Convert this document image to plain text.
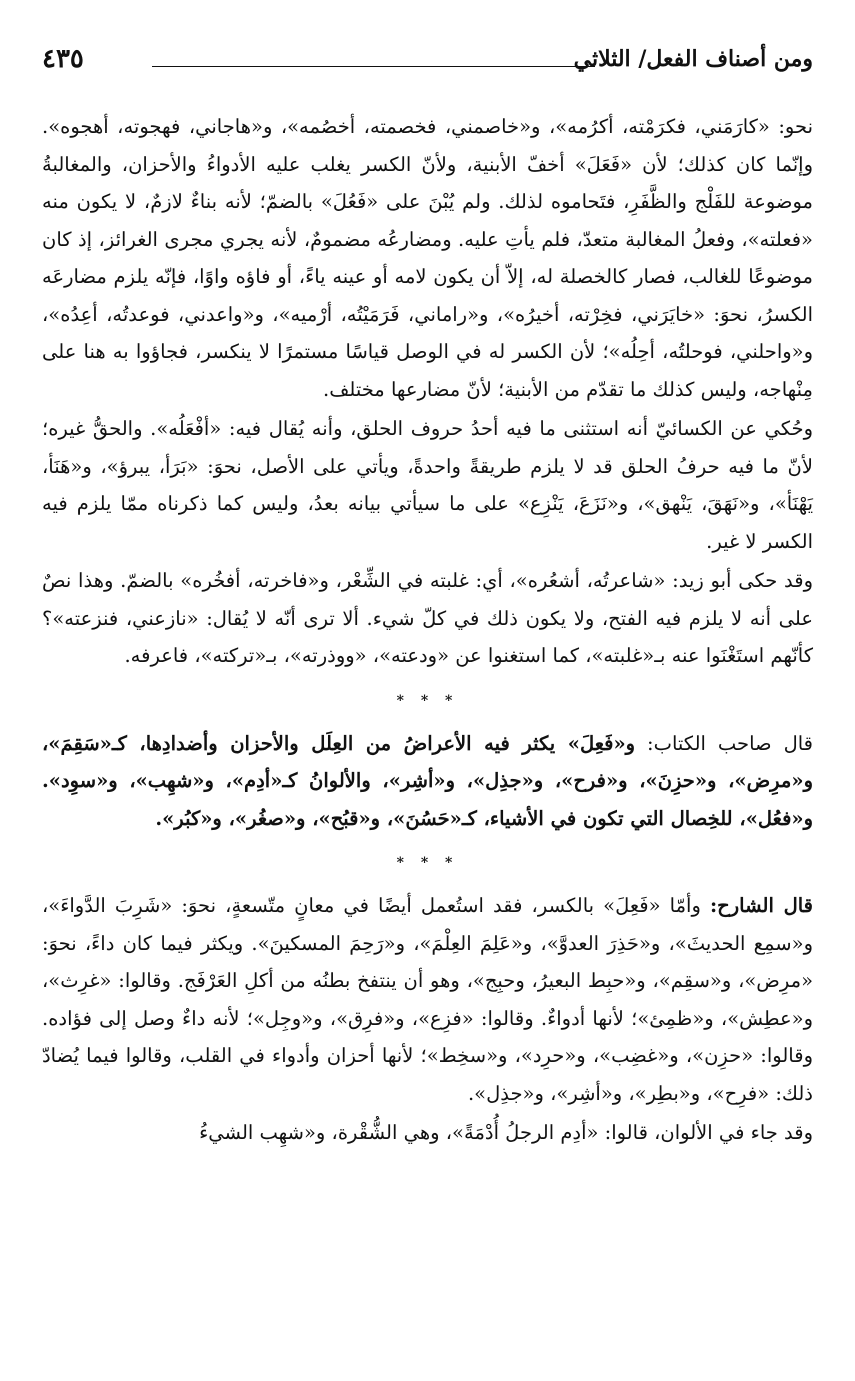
ومن أصناف الفعل/ الثلاثي
٤٣٥

نحو: «كارَمَني، فكرَمْته، أكرُمه»، و«خاصمني، فخصمته، أخصُمه»، و«هاجاني، فهجوته، أهجوه». وإنّما كان كذلك؛ لأن «فَعَلَ» أخفّ الأبنية، ولأنّ الكسر يغلب عليه الأدواءُ والأحزان، والمغالبةُ موضوعة للفَلْج والظَّفَرِ، فتَحاموه لذلك. ولم يُبْنَ على «فَعُلَ» بالضمّ؛ لأنه بناءٌ لازمٌ، لا يكون منه «فعلته»، وفعلُ المغالبة متعدّ، فلم يأتِ عليه. ومضارعُه مضمومٌ، لأنه يجري مجرى الغرائز، إذ كان موضوعًا للغالب، فصار كالخصلة له، إلاّ أن يكون لامه أو عينه ياءً، أو فاؤه واوًا، فإنّه يلزم مضارعَه الكسرُ، نحوَ: «خايَرَني، فخِرْته، أخيرُه»، و«راماني، فَرَمَيْتُه، أرْميه»، و«واعدني، فوعدتُه، أعِدُه»، و«واحلني، فوحلتُه، أحِلُه»؛ لأن الكسر له في الوصل قياسًا مستمرًا لا ينكسر، فجاؤوا به هنا على مِنْهاجه، وليس كذلك ما تقدّم من الأبنية؛ لأنّ مضارعها مختلف.

وحُكي عن الكسائيّ أنه استثنى ما فيه أحدُ حروف الحلق، وأنه يُقال فيه: «أفْعَلُه». والحقُّ غيره؛ لأنّ ما فيه حرفُ الحلق قد لا يلزم طريقةً واحدةً، ويأتي على الأصل، نحوَ: «بَرَأ، يبرؤ»، و«هَنَأ، يَهْنَأ»، و«نَهَقَ، يَنْهق»، و«نَزَعَ، يَنْزِع» على ما سيأتي بيانه بعدُ، وليس كما ذكرناه ممّا يلزم فيه الكسر لا غير.

وقد حكى أبو زيد: «شاعرتُه، أشعُره»، أي: غلبته في الشِّعْر، و«فاخرته، أفخُره» بالضمّ. وهذا نصٌ على أنه لا يلزم فيه الفتح، ولا يكون ذلك في كلّ شيء. ألا ترى أنّه لا يُقال: «نازعني، فنزعته»؟ كأنّهم استَغْنَوا عنه بـ«غلبته»، كما استغنوا عن «ودعته»، «ووذرته»، بـ«تركته»، فاعرفه.

* * *

قال صاحب الكتاب: و«فَعِلَ» يكثر فيه الأعراضُ من العِلَل والأحزان وأضدادِها، كـ«سَقِمَ»، و«مرِض»، و«حزِنَ»، و«فرح»، و«جذِل»، و«أشِر»، والألوانُ كـ«أدِم»، و«شهِب»، و«سوِد». و«فعُل»، للخِصال التي تكون في الأشياء، كـ«حَسُنَ»، و«قبُح»، و«صغُر»، و«كبُر».

* * *

قال الشارح: وأمّا «فَعِلَ» بالكسر، فقد استُعمل أيضًا في معانٍ متّسعةٍ، نحوَ: «شَرِبَ الدَّواءَ»، و«سمِع الحديثَ»، و«حَذِرَ العدوَّ»، و«عَلِمَ العِلْمَ»، و«رَحِمَ المسكينَ». ويكثر فيما كان داءً، نحوَ: «مرِض»، و«سقِم»، و«حبِط البعيرُ، وحبِج»، وهو أن ينتفخ بطنُه من أكلِ العَرْفَج. وقالوا: «غرِث»، و«عطِش»، و«ظمِئ»؛ لأنها أدواءٌ. وقالوا: «فزِع»، و«فرِق»، و«وجِل»؛ لأنه داءٌ وصل إلى فؤاده. وقالوا: «حزِن»، و«غضِب»، و«حرِد»، و«سخِط»؛ لأنها أحزان وأدواء في القلب، وقالوا فيما يُضادّ ذلك: «فرِح»، و«بطِر»، و«أشِر»، و«جذِل».

وقد جاء في الألوان، قالوا: «أدِم الرجلُ أُدْمَةً»، وهي الشُّقْرة، و«شهِب الشيءُ
